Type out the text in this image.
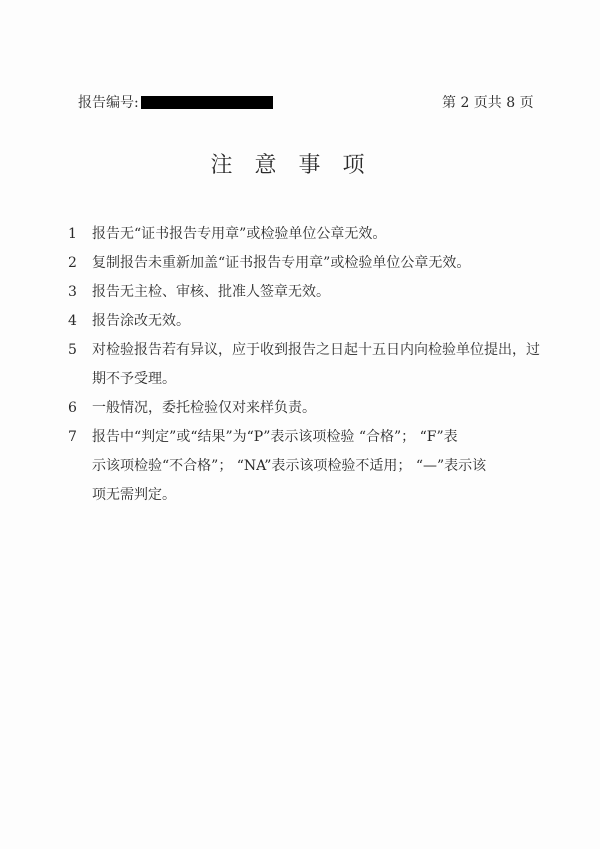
报告编号:	第 2 页共 8 页
注意事项
1	报告无“证书报告专用章”或检验单位公章无效。
2	复制报告未重新加盖“证书报告专用章”或检验单位公章无效。
3	报告无主检、审核、批准人签章无效。
4	报告涂改无效。
5	对检验报告若有异议，应于收到报告之日起十五日内向检验单位提出，过
期不予受理。
6	一般情况，委托检验仅对来样负责。
7	报告中“判定”或“结果”为“P”表示该项检验 “合格”； “F”表
示该项检验“不合格”； “NA”表示该项检验不适用； “—”表示该
项无需判定。
